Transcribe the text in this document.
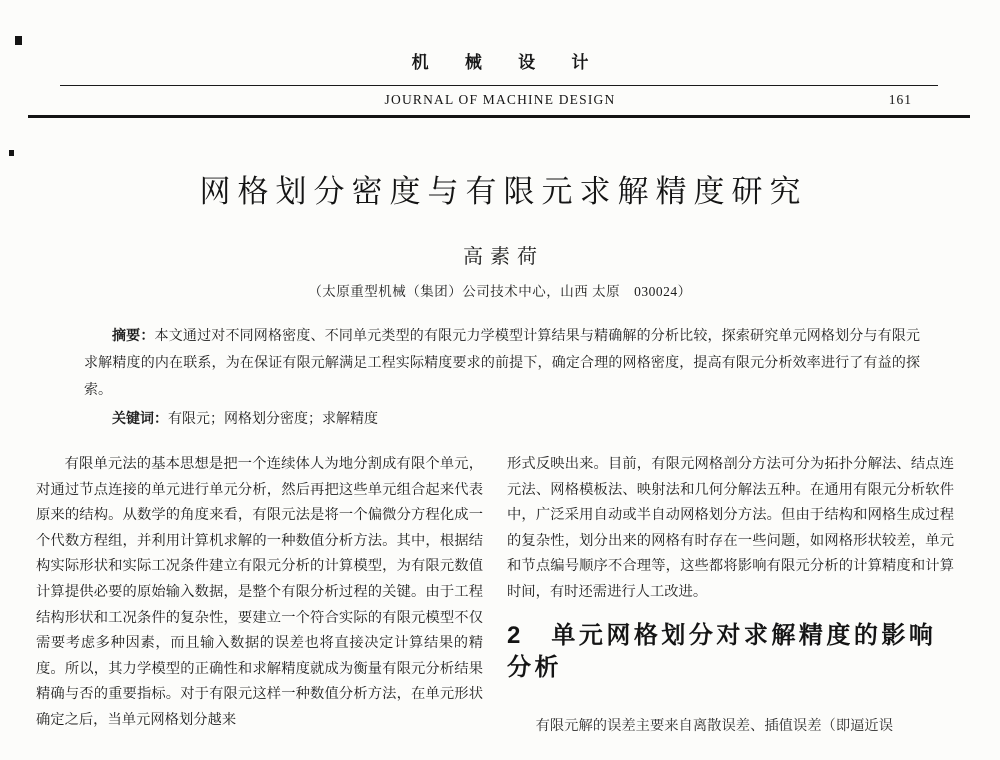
机 械 设 计
JOURNAL OF MACHINE DESIGN	161
网格划分密度与有限元求解精度研究
高素荷
（太原重型机械（集团）公司技术中心，山西 太原　030024）
摘要：本文通过对不同网格密度、不同单元类型的有限元力学模型计算结果与精确解的分析比较，探索研究单元网格划分与有限元求解精度的内在联系，为在保证有限元解满足工程实际精度要求的前提下，确定合理的网格密度，提高有限元分析效率进行了有益的探索。
关键词：有限元；网格划分密度；求解精度

有限单元法的基本思想是把一个连续体人为地分割成有限个单元，对通过节点连接的单元进行单元分析，然后再把这些单元组合起来代表原来的结构。从数学的角度来看，有限元法是将一个偏微分方程化成一个代数方程组，并利用计算机求解的一种数值分析方法。其中，根据结构实际形状和实际工况条件建立有限元分析的计算模型，为有限元数值计算提供必要的原始输入数据，是整个有限分析过程的关键。由于工程结构形状和工况条件的复杂性，要建立一个符合实际的有限元模型不仅需要考虑多种因素，而且输入数据的误差也将直接决定计算结果的精度。所以，其力学模型的正确性和求解精度就成为衡量有限元分析结果精确与否的重要指标。对于有限元这样一种数值分析方法，在单元形状确定之后，当单元网格划分越来

形式反映出来。目前，有限元网格剖分方法可分为拓扑分解法、结点连元法、网格模板法、映射法和几何分解法五种。在通用有限元分析软件中，广泛采用自动或半自动网格划分方法。但由于结构和网格生成过程的复杂性，划分出来的网格有时存在一些问题，如网格形状较差，单元和节点编号顺序不合理等，这些都将影响有限元分析的计算精度和计算时间，有时还需进行人工改进。

2　单元网格划分对求解精度的影响分析

有限元解的误差主要来自离散误差、插值误差（即逼近误
